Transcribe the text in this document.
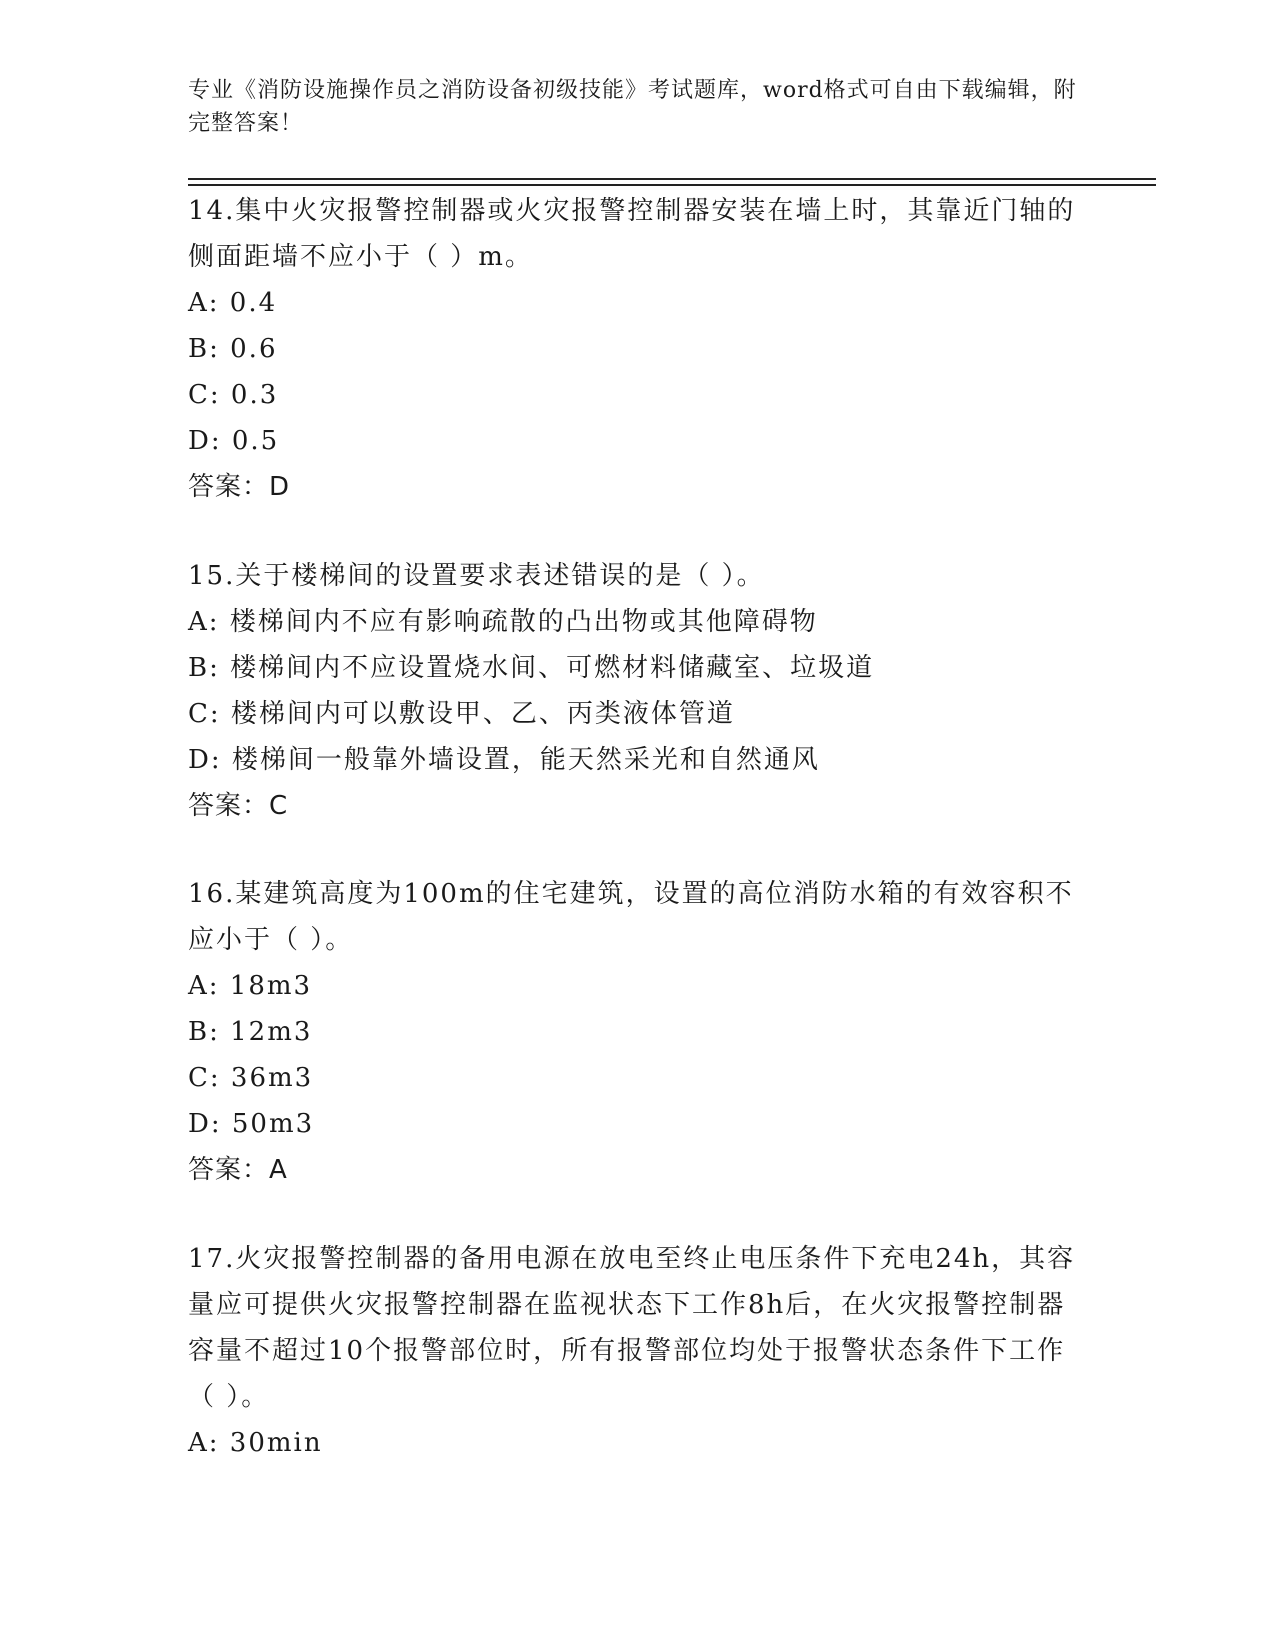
专业《消防设施操作员之消防设备初级技能》考试题库，word格式可自由下载编辑，附完整答案！

14.集中火灾报警控制器或火灾报警控制器安装在墙上时，其靠近门轴的侧面距墙不应小于（ ）m。

A: 0.4

B: 0.6

C: 0.3

D: 0.5

答案：D

15.关于楼梯间的设置要求表述错误的是（ ）。

A: 楼梯间内不应有影响疏散的凸出物或其他障碍物

B: 楼梯间内不应设置烧水间、可燃材料储藏室、垃圾道

C: 楼梯间内可以敷设甲、乙、丙类液体管道

D: 楼梯间一般靠外墙设置，能天然采光和自然通风

答案：C

16.某建筑高度为100m的住宅建筑，设置的高位消防水箱的有效容积不应小于（ ）。

A: 18m3

B: 12m3

C: 36m3

D: 50m3

答案：A

17.火灾报警控制器的备用电源在放电至终止电压条件下充电24h，其容量应可提供火灾报警控制器在监视状态下工作8h后，在火灾报警控制器容量不超过10个报警部位时，所有报警部位均处于报警状态条件下工作（ ）。

A: 30min
